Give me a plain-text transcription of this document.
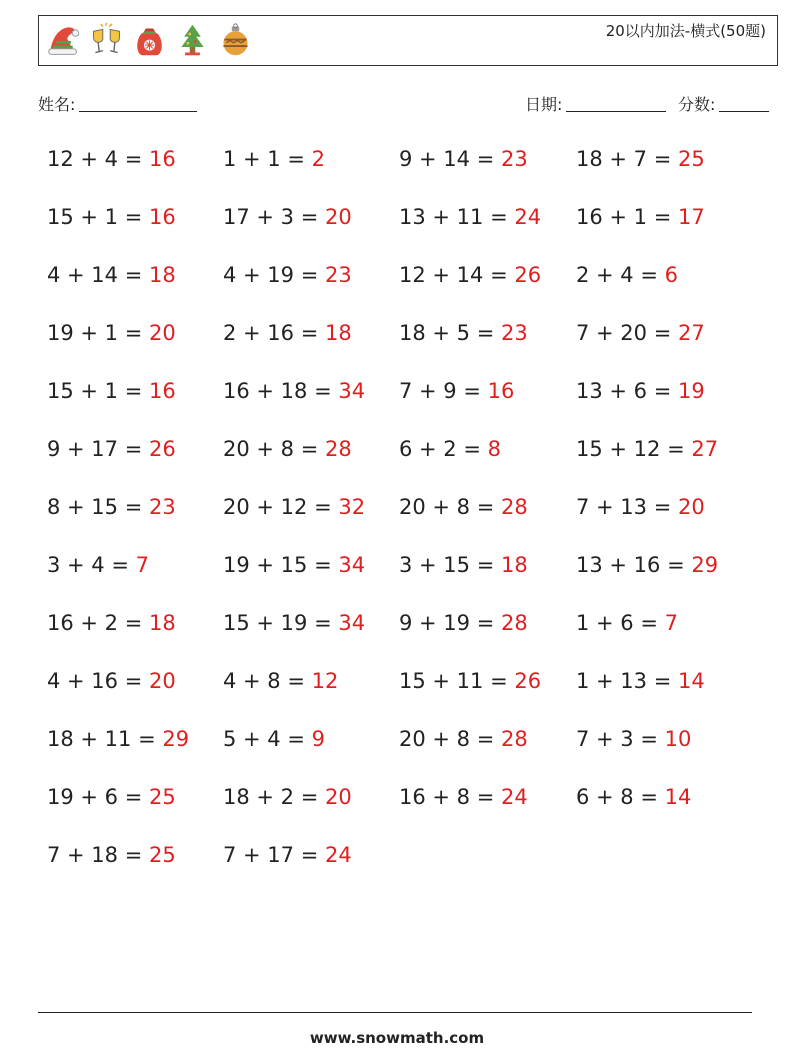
20以内加法-横式(50题)
姓名:	日期:	分数:
12 + 4 = 16
15 + 1 = 16
4 + 14 = 18
19 + 1 = 20
15 + 1 = 16
9 + 17 = 26
8 + 15 = 23
3 + 4 = 7
16 + 2 = 18
4 + 16 = 20
18 + 11 = 29
19 + 6 = 25
7 + 18 = 25
1 + 1 = 2
17 + 3 = 20
4 + 19 = 23
2 + 16 = 18
16 + 18 = 34
20 + 8 = 28
20 + 12 = 32
19 + 15 = 34
15 + 19 = 34
4 + 8 = 12
5 + 4 = 9
18 + 2 = 20
7 + 17 = 24
9 + 14 = 23
13 + 11 = 24
12 + 14 = 26
18 + 5 = 23
7 + 9 = 16
6 + 2 = 8
20 + 8 = 28
3 + 15 = 18
9 + 19 = 28
15 + 11 = 26
20 + 8 = 28
16 + 8 = 24
18 + 7 = 25
16 + 1 = 17
2 + 4 = 6
7 + 20 = 27
13 + 6 = 19
15 + 12 = 27
7 + 13 = 20
13 + 16 = 29
1 + 6 = 7
1 + 13 = 14
7 + 3 = 10
6 + 8 = 14
www.snowmath.com
